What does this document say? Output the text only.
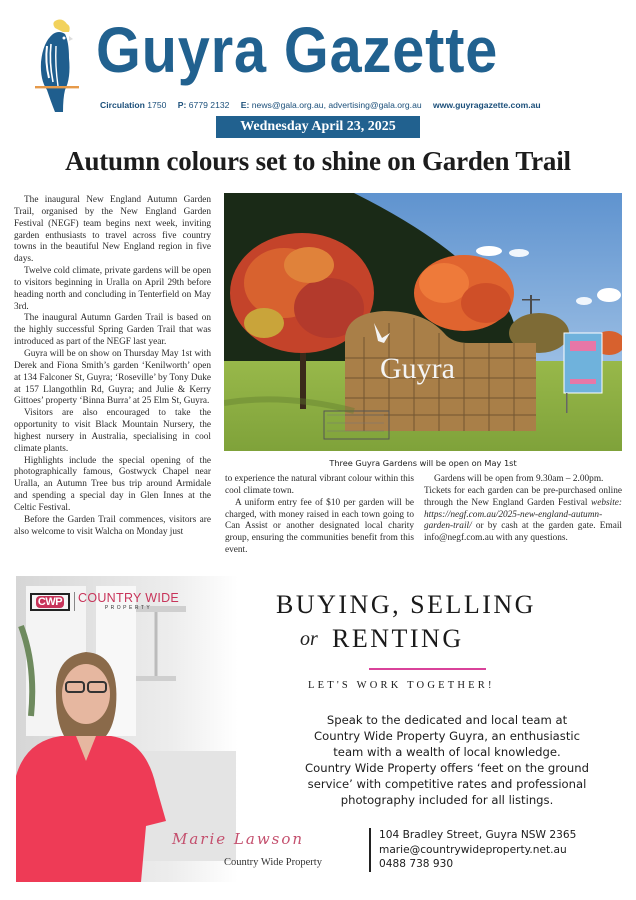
Guyra Gazette
Circulation 1750 P: 6779 2132 E: news@gala.org.au, advertising@gala.org.au www.guyragazette.com.au
Wednesday April 23, 2025
Autumn colours set to shine on Garden Trail

The inaugural New England Autumn Garden Trail, organised by the New England Garden Festival (NEGF) team begins next week, inviting garden enthusiasts to travel across five country towns in the beautiful New England region in five days.

Twelve cold climate, private gardens will be open to visitors beginning in Uralla on April 29th before heading north and concluding in Tenterfield on May 3rd.

The inaugural Autumn Garden Trail is based on the highly successful Spring Garden Trail that was introduced as part of the NEGF last year.

Guyra will be on show on Thursday May 1st with Derek and Fiona Smith’s garden ‘Kenilworth’ open at 134 Falconer St, Guyra; ‘Roseville’ by Tony Duke at 157 Llangothlin Rd, Guyra; and Julie & Kerry Gittoes’ property ‘Binna Burra’ at 25 Elm St, Guyra.

Visitors are also encouraged to take the opportunity to visit Black Mountain Nursery, the highest nursery in Australia, specialising in cool climate plants.

Highlights include the special opening of the photographically famous, Gostwyck Chapel near Uralla, an Autumn Tree bus trip around Armidale and spending a special day in Glen Innes at the Celtic Festival.

Before the Garden Trail commences, visitors are also welcome to visit Walcha on Monday just

Guyra
Three Guyra Gardens will be open on May 1st

to experience the natural vibrant colour within this cool climate town.

A uniform entry fee of $10 per garden will be charged, with money raised in each town going to Can Assist or another designated local charity group, ensuring the communities benefit from this event.

Gardens will be open from 9.30am – 2.00pm.

Tickets for each garden can be pre-purchased online through the New England Garden Festival website: https://negf.com.au/2025-new-england-autumn-garden-trail/ or by cash at the garden gate. Email info@negf.com.au with any questions.

CWP COUNTRY WIDE
PROPERTY	BUYING, SELLING
or RENTING
LET'S WORK TOGETHER!

Speak to the dedicated and local team at

Country Wide Property Guyra, an enthusiastic

team with a wealth of local knowledge.

Country Wide Property offers ‘feet on the ground

service’ with competitive rates and professional

photography included for all listings.

Marie Lawson
Country Wide Property
104 Bradley Street, Guyra NSW 2365
marie@countrywideproperty.net.au
0488 738 930
